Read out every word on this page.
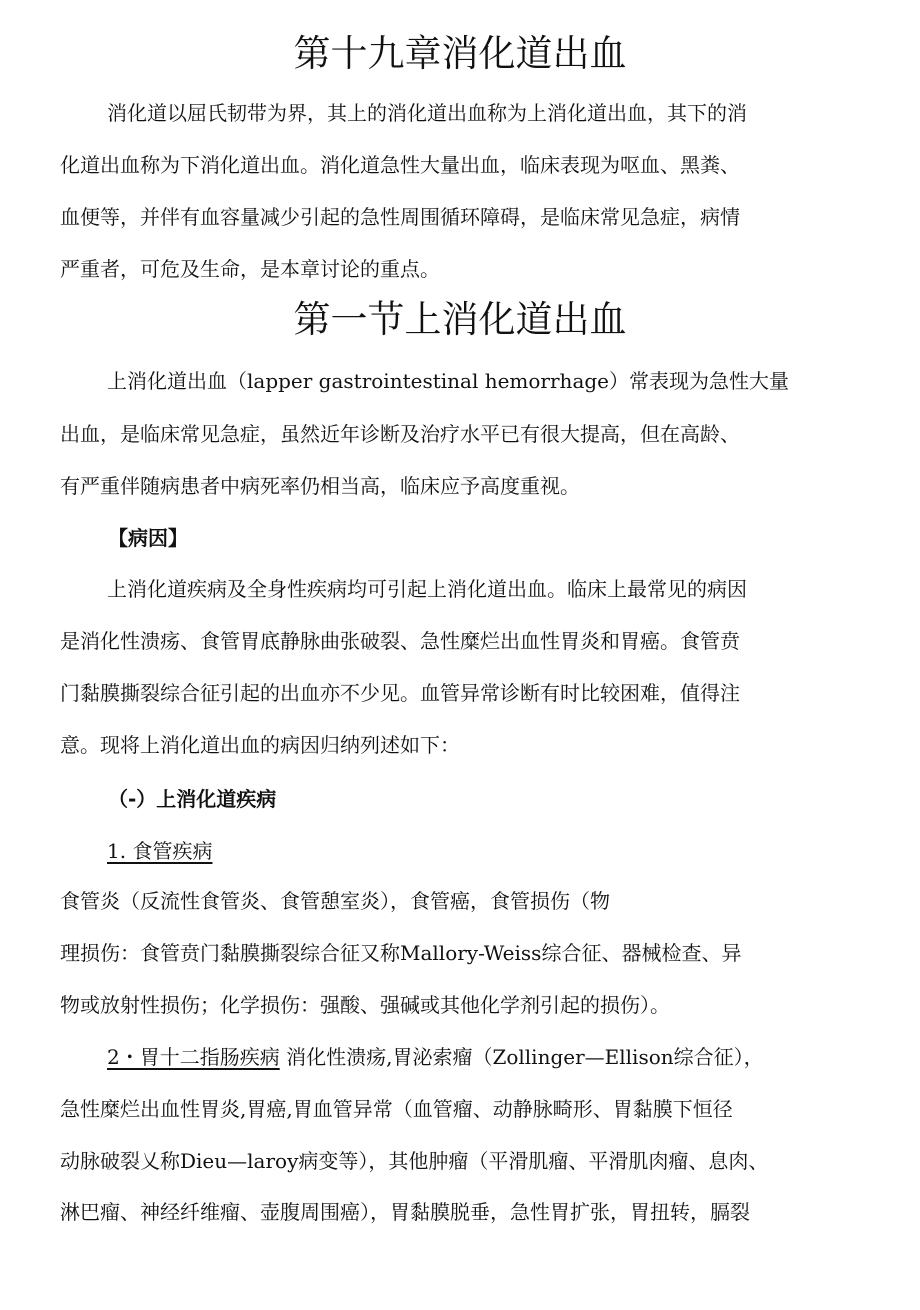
第十九章消化道出血
消化道以屈氏韧带为界，其上的消化道出血称为上消化道出血，其下的消
化道出血称为下消化道出血。消化道急性大量出血，临床表现为呕血、黑粪、
血便等，并伴有血容量减少引起的急性周围循环障碍，是临床常见急症，病情
严重者，可危及生命，是本章讨论的重点。
第一节上消化道出血
上消化道出血（lapper gastrointestinal hemorrhage）常表现为急性大量
出血，是临床常见急症，虽然近年诊断及治疗水平已有很大提高，但在高龄、
有严重伴随病患者中病死率仍相当高，临床应予高度重视。
【病因】
上消化道疾病及全身性疾病均可引起上消化道出血。临床上最常见的病因
是消化性溃疡、食管胃底静脉曲张破裂、急性糜烂出血性胃炎和胃癌。食管贲
门黏膜撕裂综合征引起的出血亦不少见。血管异常诊断有时比较困难，值得注
意。现将上消化道出血的病因归纳列述如下：
（-）上消化道疾病
1. 食管疾病
食管炎（反流性食管炎、食管憩室炎），食管癌，食管损伤（物
理损伤：食管贲门黏膜撕裂综合征又称Mallory-Weiss综合征、器械检查、异
物或放射性损伤；化学损伤：强酸、强碱或其他化学剂引起的损伤）。
2・胃十二指肠疾病 消化性溃疡,胃泌索瘤（Zollinger—Ellison综合征），
急性糜烂出血性胃炎,胃癌,胃血管异常（血管瘤、动静脉畸形、胃黏膜下恒径
动脉破裂乂称Dieu—laroy病变等），其他肿瘤（平滑肌瘤、平滑肌肉瘤、息肉、
淋巴瘤、神经纤维瘤、壶腹周围癌），胃黏膜脱垂，急性胃扩张，胃扭转，膈裂
